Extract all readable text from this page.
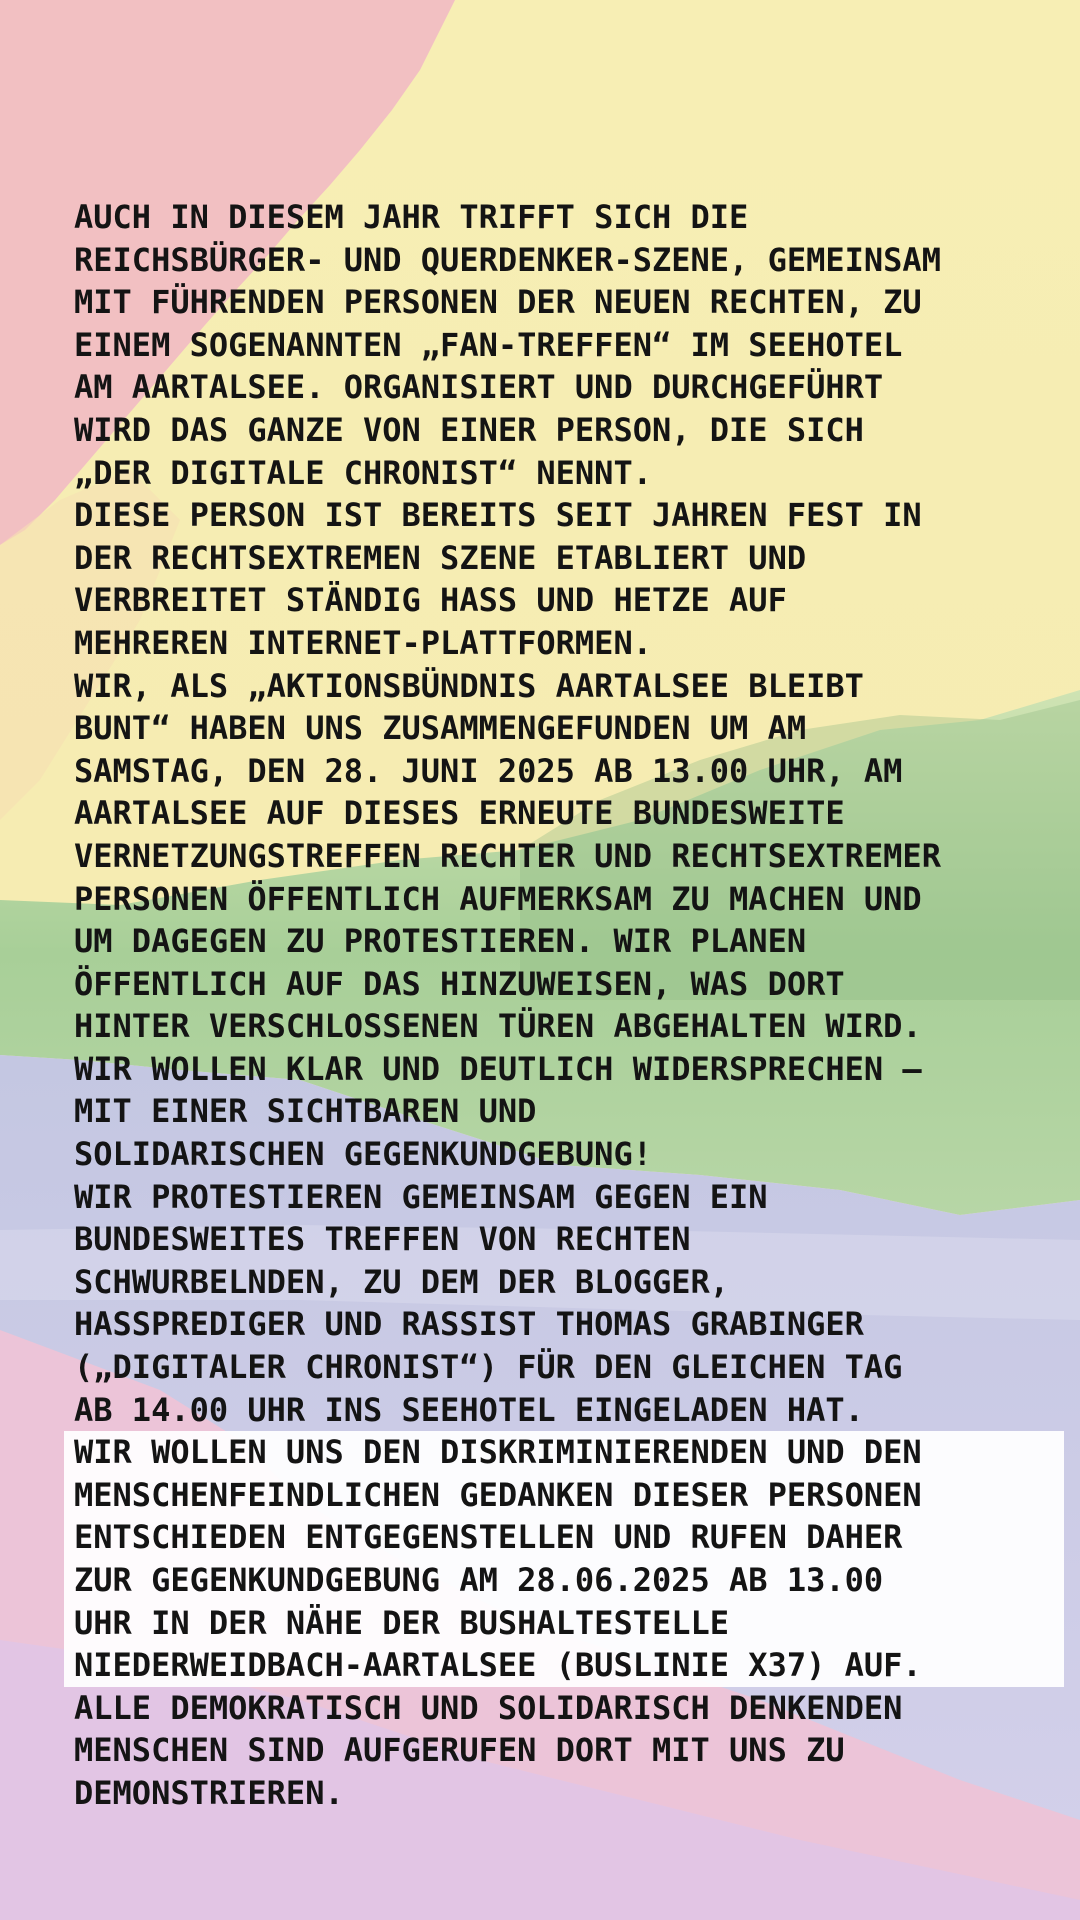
AUCH IN DIESEM JAHR TRIFFT SICH DIE
REICHSBÜRGER- UND QUERDENKER-SZENE, GEMEINSAM
MIT FÜHRENDEN PERSONEN DER NEUEN RECHTEN, ZU
EINEM SOGENANNTEN „FAN-TREFFEN“ IM SEEHOTEL
AM AARTALSEE. ORGANISIERT UND DURCHGEFÜHRT
WIRD DAS GANZE VON EINER PERSON, DIE SICH
„DER DIGITALE CHRONIST“ NENNT.

DIESE PERSON IST BEREITS SEIT JAHREN FEST IN
DER RECHTSEXTREMEN SZENE ETABLIERT UND
VERBREITET STÄNDIG HASS UND HETZE AUF
MEHREREN INTERNET-PLATTFORMEN.

WIR, ALS „AKTIONSBÜNDNIS AARTALSEE BLEIBT
BUNT“ HABEN UNS ZUSAMMENGEFUNDEN UM AM
SAMSTAG, DEN 28. JUNI 2025 AB 13.00 UHR, AM
AARTALSEE AUF DIESES ERNEUTE BUNDESWEITE
VERNETZUNGSTREFFEN RECHTER UND RECHTSEXTREMER
PERSONEN ÖFFENTLICH AUFMERKSAM ZU MACHEN UND
UM DAGEGEN ZU PROTESTIEREN. WIR PLANEN
ÖFFENTLICH AUF DAS HINZUWEISEN, WAS DORT
HINTER VERSCHLOSSENEN TÜREN ABGEHALTEN WIRD.
WIR WOLLEN KLAR UND DEUTLICH WIDERSPRECHEN –
MIT EINER SICHTBAREN UND
SOLIDARISCHEN GEGENKUNDGEBUNG!

WIR PROTESTIEREN GEMEINSAM GEGEN EIN
BUNDESWEITES TREFFEN VON RECHTEN
SCHWURBELNDEN, ZU DEM DER BLOGGER,
HASSPREDIGER UND RASSIST THOMAS GRABINGER
(„DIGITALER CHRONIST“) FÜR DEN GLEICHEN TAG
AB 14.00 UHR INS SEEHOTEL EINGELADEN HAT.

WIR WOLLEN UNS DEN DISKRIMINIERENDEN UND DEN
MENSCHENFEINDLICHEN GEDANKEN DIESER PERSONEN
ENTSCHIEDEN ENTGEGENSTELLEN UND RUFEN DAHER
ZUR GEGENKUNDGEBUNG AM 28.06.2025 AB 13.00
UHR IN DER NÄHE DER BUSHALTESTELLE
NIEDERWEIDBACH-AARTALSEE (BUSLINIE X37) AUF.

ALLE DEMOKRATISCH UND SOLIDARISCH DENKENDEN
MENSCHEN SIND AUFGERUFEN DORT MIT UNS ZU
DEMONSTRIEREN.
